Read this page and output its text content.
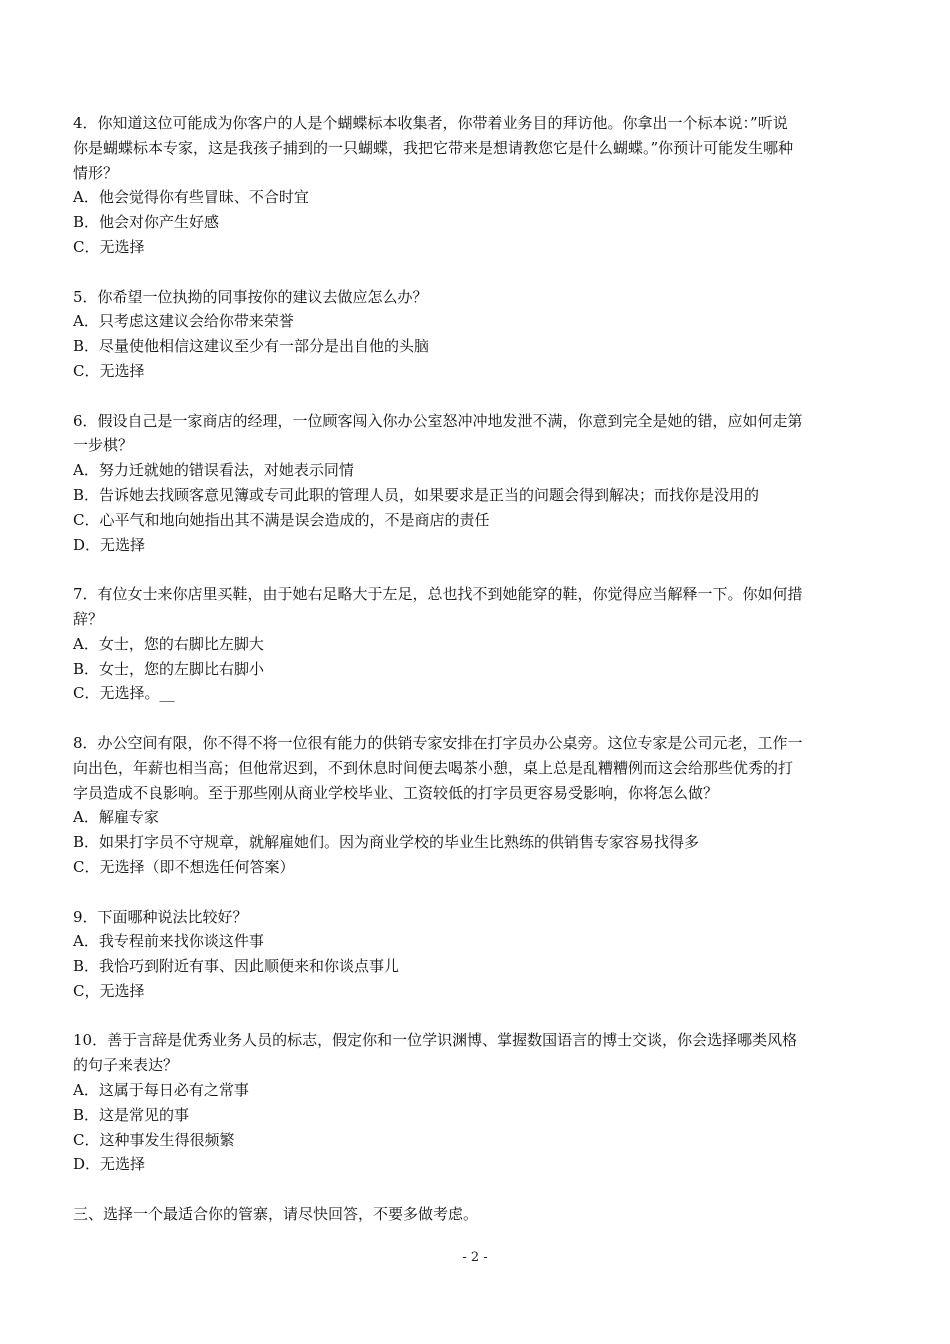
4．你知道这位可能成为你客户的人是个蝴蝶标本收集者，你带着业务目的拜访他。你拿出一个标本说：”听说
你是蝴蝶标本专家，这是我孩子捕到的一只蝴蝶，我把它带来是想请教您它是什么蝴蝶。”你预计可能发生哪种
情形？
A．他会觉得你有些冒昧、不合时宜
B．他会对你产生好感
C．无选择
5．你希望一位执拗的同事按你的建议去做应怎么办？
A．只考虑这建议会给你带来荣誉
B．尽量使他相信这建议至少有一部分是出自他的头脑
C．无选择
6．假设自己是一家商店的经理，一位顾客闯入你办公室怒冲冲地发泄不满，你意到完全是她的错，应如何走第
一步棋？
A．努力迁就她的错误看法，对她表示同情
B．告诉她去找顾客意见簿或专司此职的管理人员，如果要求是正当的问题会得到解决；而找你是没用的
C．心平气和地向她指出其不满是误会造成的，不是商店的责任
D．无选择
7．有位女士来你店里买鞋，由于她右足略大于左足，总也找不到她能穿的鞋，你觉得应当解释一下。你如何措
辞？
A．女士，您的右脚比左脚大
B．女士，您的左脚比右脚小
C．无选择。__
8．办公空间有限，你不得不将一位很有能力的供销专家安排在打字员办公桌旁。这位专家是公司元老，工作一
向出色，年薪也相当高；但他常迟到，不到休息时间便去喝茶小憩，桌上总是乱糟糟例而这会给那些优秀的打
字员造成不良影响。至于那些刚从商业学校毕业、工资较低的打字员更容易受影响，你将怎么做？
A．解雇专家
B．如果打字员不守规章，就解雇她们。因为商业学校的毕业生比熟练的供销售专家容易找得多
C．无选择（即不想选任何答案）
9．下面哪种说法比较好？
A．我专程前来找你谈这件事
B．我恰巧到附近有事、因此顺便来和你谈点事儿
C，无选择
10．善于言辞是优秀业务人员的标志，假定你和一位学识渊博、掌握数国语言的博士交谈，你会选择哪类风格
的句子来表达？
A．这属于每日必有之常事
B．这是常见的事
C．这种事发生得很频繁
D．无选择
三、选择一个最适合你的管寨，请尽快回答，不要多做考虑。
- 2 -
